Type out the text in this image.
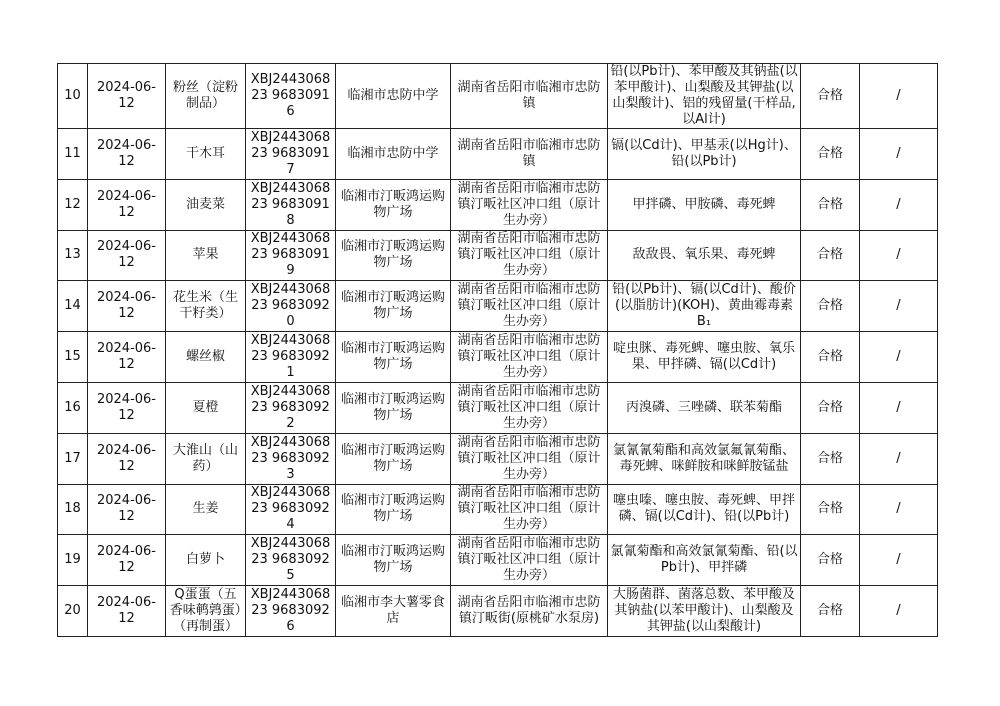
10	2024-06-12	粉丝（淀粉制品）	XBJ244306823 96830916	临湘市忠防中学	湖南省岳阳市临湘市忠防镇	铅(以Pb计)、苯甲酸及其钠盐(以苯甲酸计)、山梨酸及其钾盐(以山梨酸计)、铝的残留量(干样品,以Al计)	合格	/
11	2024-06-12	干木耳	XBJ244306823 96830917	临湘市忠防中学	湖南省岳阳市临湘市忠防镇	镉(以Cd计)、甲基汞(以Hg计)、铅(以Pb计)	合格	/
12	2024-06-12	油麦菜	XBJ244306823 96830918	临湘市汀畈鸿运购物广场	湖南省岳阳市临湘市忠防镇汀畈社区冲口组（原计生办旁）	甲拌磷、甲胺磷、毒死蜱	合格	/
13	2024-06-12	苹果	XBJ244306823 96830919	临湘市汀畈鸿运购物广场	湖南省岳阳市临湘市忠防镇汀畈社区冲口组（原计生办旁）	敌敌畏、氧乐果、毒死蜱	合格	/
14	2024-06-12	花生米（生干籽类）	XBJ244306823 96830920	临湘市汀畈鸿运购物广场	湖南省岳阳市临湘市忠防镇汀畈社区冲口组（原计生办旁）	铅(以Pb计)、镉(以Cd计)、酸价(以脂肪计)(KOH)、黄曲霉毒素B₁	合格	/
15	2024-06-12	螺丝椒	XBJ244306823 96830921	临湘市汀畈鸿运购物广场	湖南省岳阳市临湘市忠防镇汀畈社区冲口组（原计生办旁）	啶虫脒、毒死蜱、噻虫胺、氧乐果、甲拌磷、镉(以Cd计)	合格	/
16	2024-06-12	夏橙	XBJ244306823 96830922	临湘市汀畈鸿运购物广场	湖南省岳阳市临湘市忠防镇汀畈社区冲口组（原计生办旁）	丙溴磷、三唑磷、联苯菊酯	合格	/
17	2024-06-12	大淮山（山药）	XBJ244306823 96830923	临湘市汀畈鸿运购物广场	湖南省岳阳市临湘市忠防镇汀畈社区冲口组（原计生办旁）	氯氰氰菊酯和高效氯氟氰菊酯、毒死蜱、咪鲜胺和咪鲜胺锰盐	合格	/
18	2024-06-12	生姜	XBJ244306823 96830924	临湘市汀畈鸿运购物广场	湖南省岳阳市临湘市忠防镇汀畈社区冲口组（原计生办旁）	噻虫嗪、噻虫胺、毒死蜱、甲拌磷、镉(以Cd计)、铅(以Pb计)	合格	/
19	2024-06-12	白萝卜	XBJ244306823 96830925	临湘市汀畈鸿运购物广场	湖南省岳阳市临湘市忠防镇汀畈社区冲口组（原计生办旁）	氯氰菊酯和高效氯氰菊酯、铅(以Pb计)、甲拌磷	合格	/
20	2024-06-12	Q蛋蛋（五香味鹌鹑蛋）（再制蛋）	XBJ244306823 96830926	临湘市李大薯零食店	湖南省岳阳市临湘市忠防镇汀畈街(原桃矿水泵房)	大肠菌群、菌落总数、苯甲酸及其钠盐(以苯甲酸计)、山梨酸及其钾盐(以山梨酸计)	合格	/
